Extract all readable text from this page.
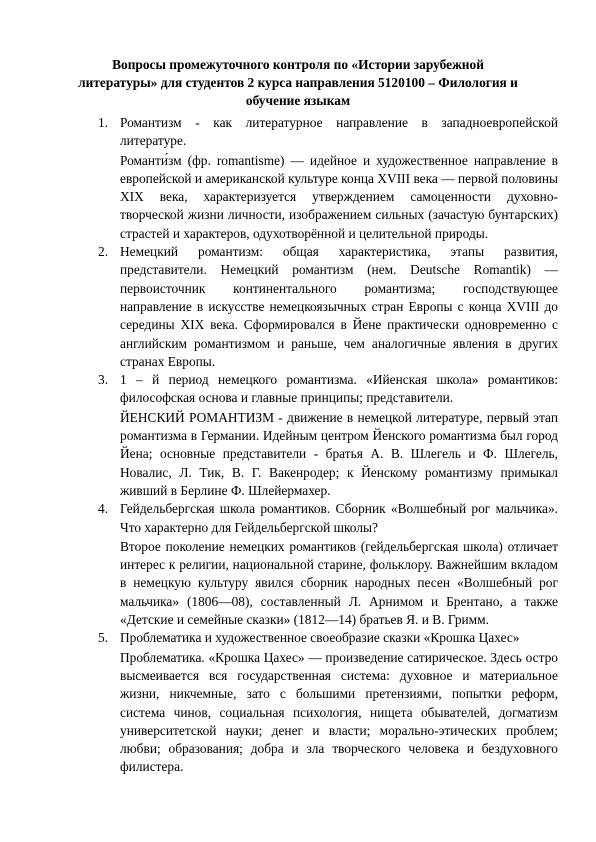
Вопросы промежуточного контроля по «Истории зарубежной
литературы» для студентов 2 курса направления 5120100 – Филология и
обучение языкам
1. Романтизм - как литературное направление в западноевропейской литературе.

Романти́зм (фр. romantisme) — идейное и художественное направление в европейской и американской культуре конца XVIII века — первой половины XIX века, характеризуется утверждением самоценности духовно-творческой жизни личности, изображением сильных (зачастую бунтарских) страстей и характеров, одухотворённой и целительной природы.

2. Немецкий романтизм: общая характеристика, этапы развития, представители. Немецкий романтизм (нем. Deutsche Romantik) — первоисточник континентального романтизма; господствующее направление в искусстве немецкоязычных стран Европы с конца XVIII до середины XIX века. Сформировался в Йене практически одновременно с английским романтизмом и раньше, чем аналогичные явления в других странах Европы.

3. 1 – й период немецкого романтизма. «Ийенская школа» романтиков: философская основа и главные принципы; представители.

ЙЕНСКИЙ РОМАНТИЗМ - движение в немецкой литературе, первый этап романтизма в Германии. Идейным центром Йенского романтизма был город Йена; основные представители - братья А. В. Шлегель и Ф. Шлегель, Новалис, Л. Тик, В. Г. Вакенродер; к Йенскому романтизму примыкал живший в Берлине Ф. Шлейермахер.

4. Гейдельбергская школа романтиков. Сборник «Волшебный рог мальчика». Что характерно для Гейдельбергской школы?

Второе поколение немецких романтиков (гейдельбергская школа) отличает интерес к религии, национальной старине, фольклору. Важнейшим вкладом в немецкую культуру явился сборник народных песен «Волшебный рог мальчика» (1806—08), составленный Л. Арнимом и Брентано, а также «Детские и семейные сказки» (1812—14) братьев Я. и В. Гримм.

5. Проблематика и художественное своеобразие сказки «Крошка Цахес»

Проблематика. «Крошка Цахес» — произведение сатирическое. Здесь остро высмеивается вся государственная система: духовное и материальное жизни, никчемные, зато с большими претензиями, попытки реформ, система чинов, социальная психология, нищета обывателей, догматизм университетской науки; денег и власти; морально-этических проблем; любви; образования; добра и зла творческого человека и бездуховного филистера.
